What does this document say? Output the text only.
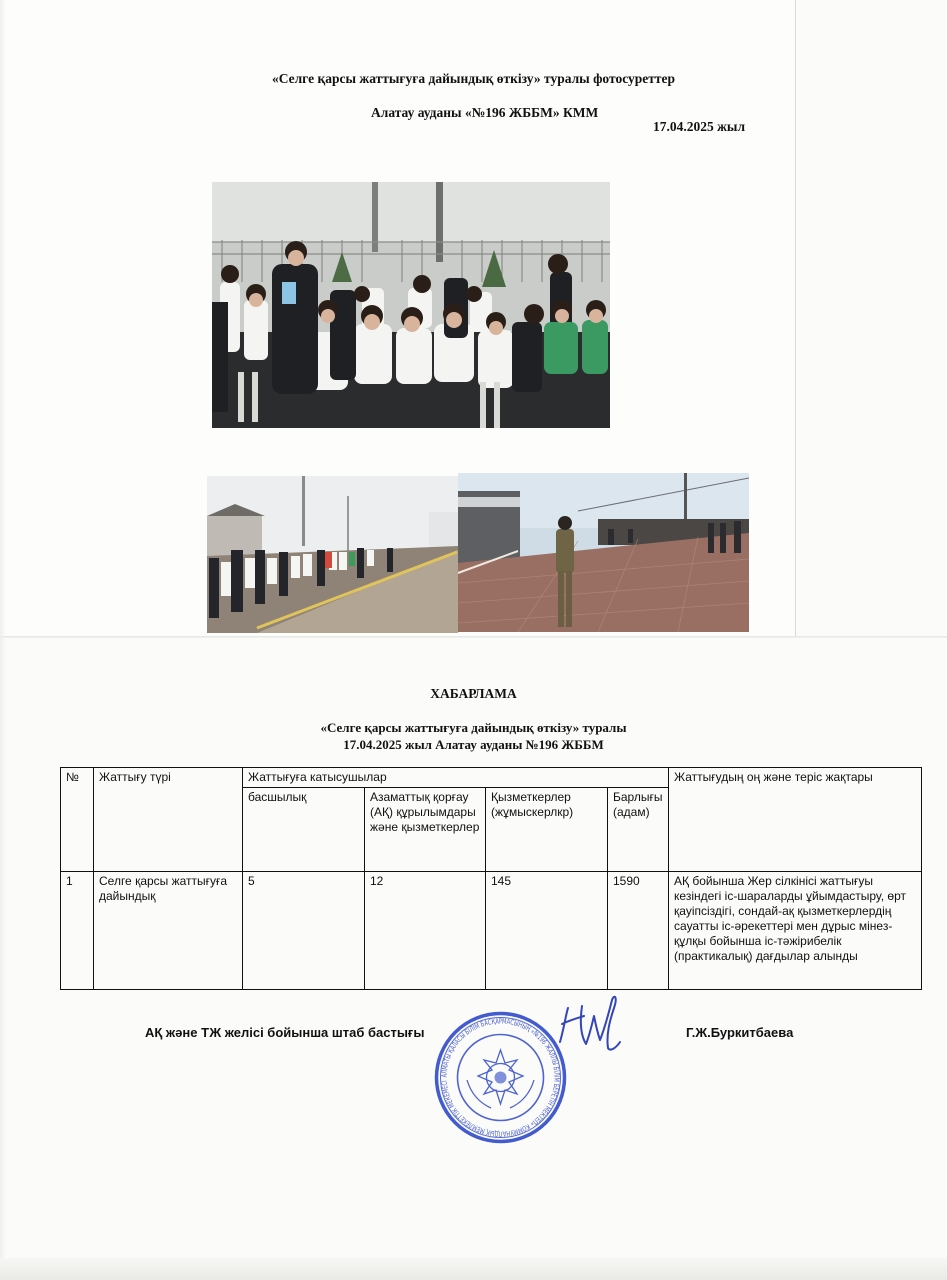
«Селге қарсы жаттығуға дайындық өткізу» туралы фотосуреттер
Алатау ауданы «№196 ЖББМ» КММ
17.04.2025 жыл
ХАБАРЛАМА
«Селге қарсы жаттығуға дайындық өткізу» туралы
17.04.2025 жыл Алатау ауданы №196 ЖББМ
№	Жаттығу түрі	Жаттығуға катысушылар				Жаттығудың оң және теріс жақтары
		басшылық	Азаматтық қорғау (АҚ) құрылымдары және қызметкерлер	Қызметкерлер (жұмыскерлкр)	Барлығы (адам)	
1	Селге қарсы жаттығуға дайындық	5	12	145	1590	АҚ бойынша Жер сілкінісі жаттығуы кезіндегі іс-шараларды ұйымдастыру, өрт қауіпсіздігі, сондай-ақ қызметкерлердің сауатты іс-әрекеттері мен дұрыс мінез-құлқы бойынша іс-тәжірибелік (практикалық) дағдылар алынды
АҚ және ТЖ желісі бойынша штаб бастығы	Г.Ж.Буркитбаева
АЛМАТЫ ҚАЛАСЫ БІЛІМ БАСҚАРМАСЫНЫҢ «№196 ЖАЛПЫ БІЛІМ БЕРЕТІН МЕКТЕП» КОММУНАЛДЫҚ МЕМЛЕКЕТТІК МЕКЕМЕСІ
